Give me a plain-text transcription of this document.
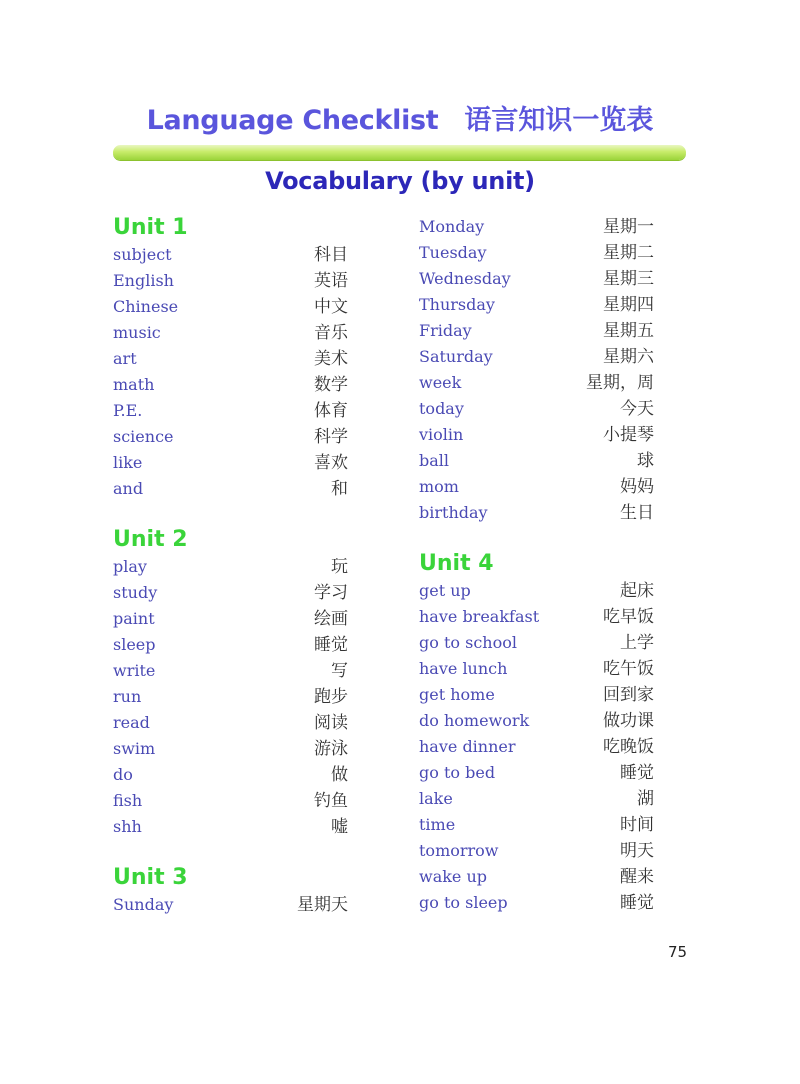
Language Checklist 语言知识一览表
Vocabulary (by unit)
Unit 1
subject	科目
English	英语
Chinese	中文
music	音乐
art	美术
math	数学
P.E.	体育
science	科学
like	喜欢
and	和
Unit 2
play	玩
study	学习
paint	绘画
sleep	睡觉
write	写
run	跑步
read	阅读
swim	游泳
do	做
fish	钓鱼
shh	嘘
Unit 3
Sunday	星期天
Monday	星期一
Tuesday	星期二
Wednesday	星期三
Thursday	星期四
Friday	星期五
Saturday	星期六
week	星期，周
today	今天
violin	小提琴
ball	球
mom	妈妈
birthday	生日
Unit 4
get up	起床
have breakfast	吃早饭
go to school	上学
have lunch	吃午饭
get home	回到家
do homework	做功课
have dinner	吃晚饭
go to bed	睡觉
lake	湖
time	时间
tomorrow	明天
wake up	醒来
go to sleep	睡觉
75
